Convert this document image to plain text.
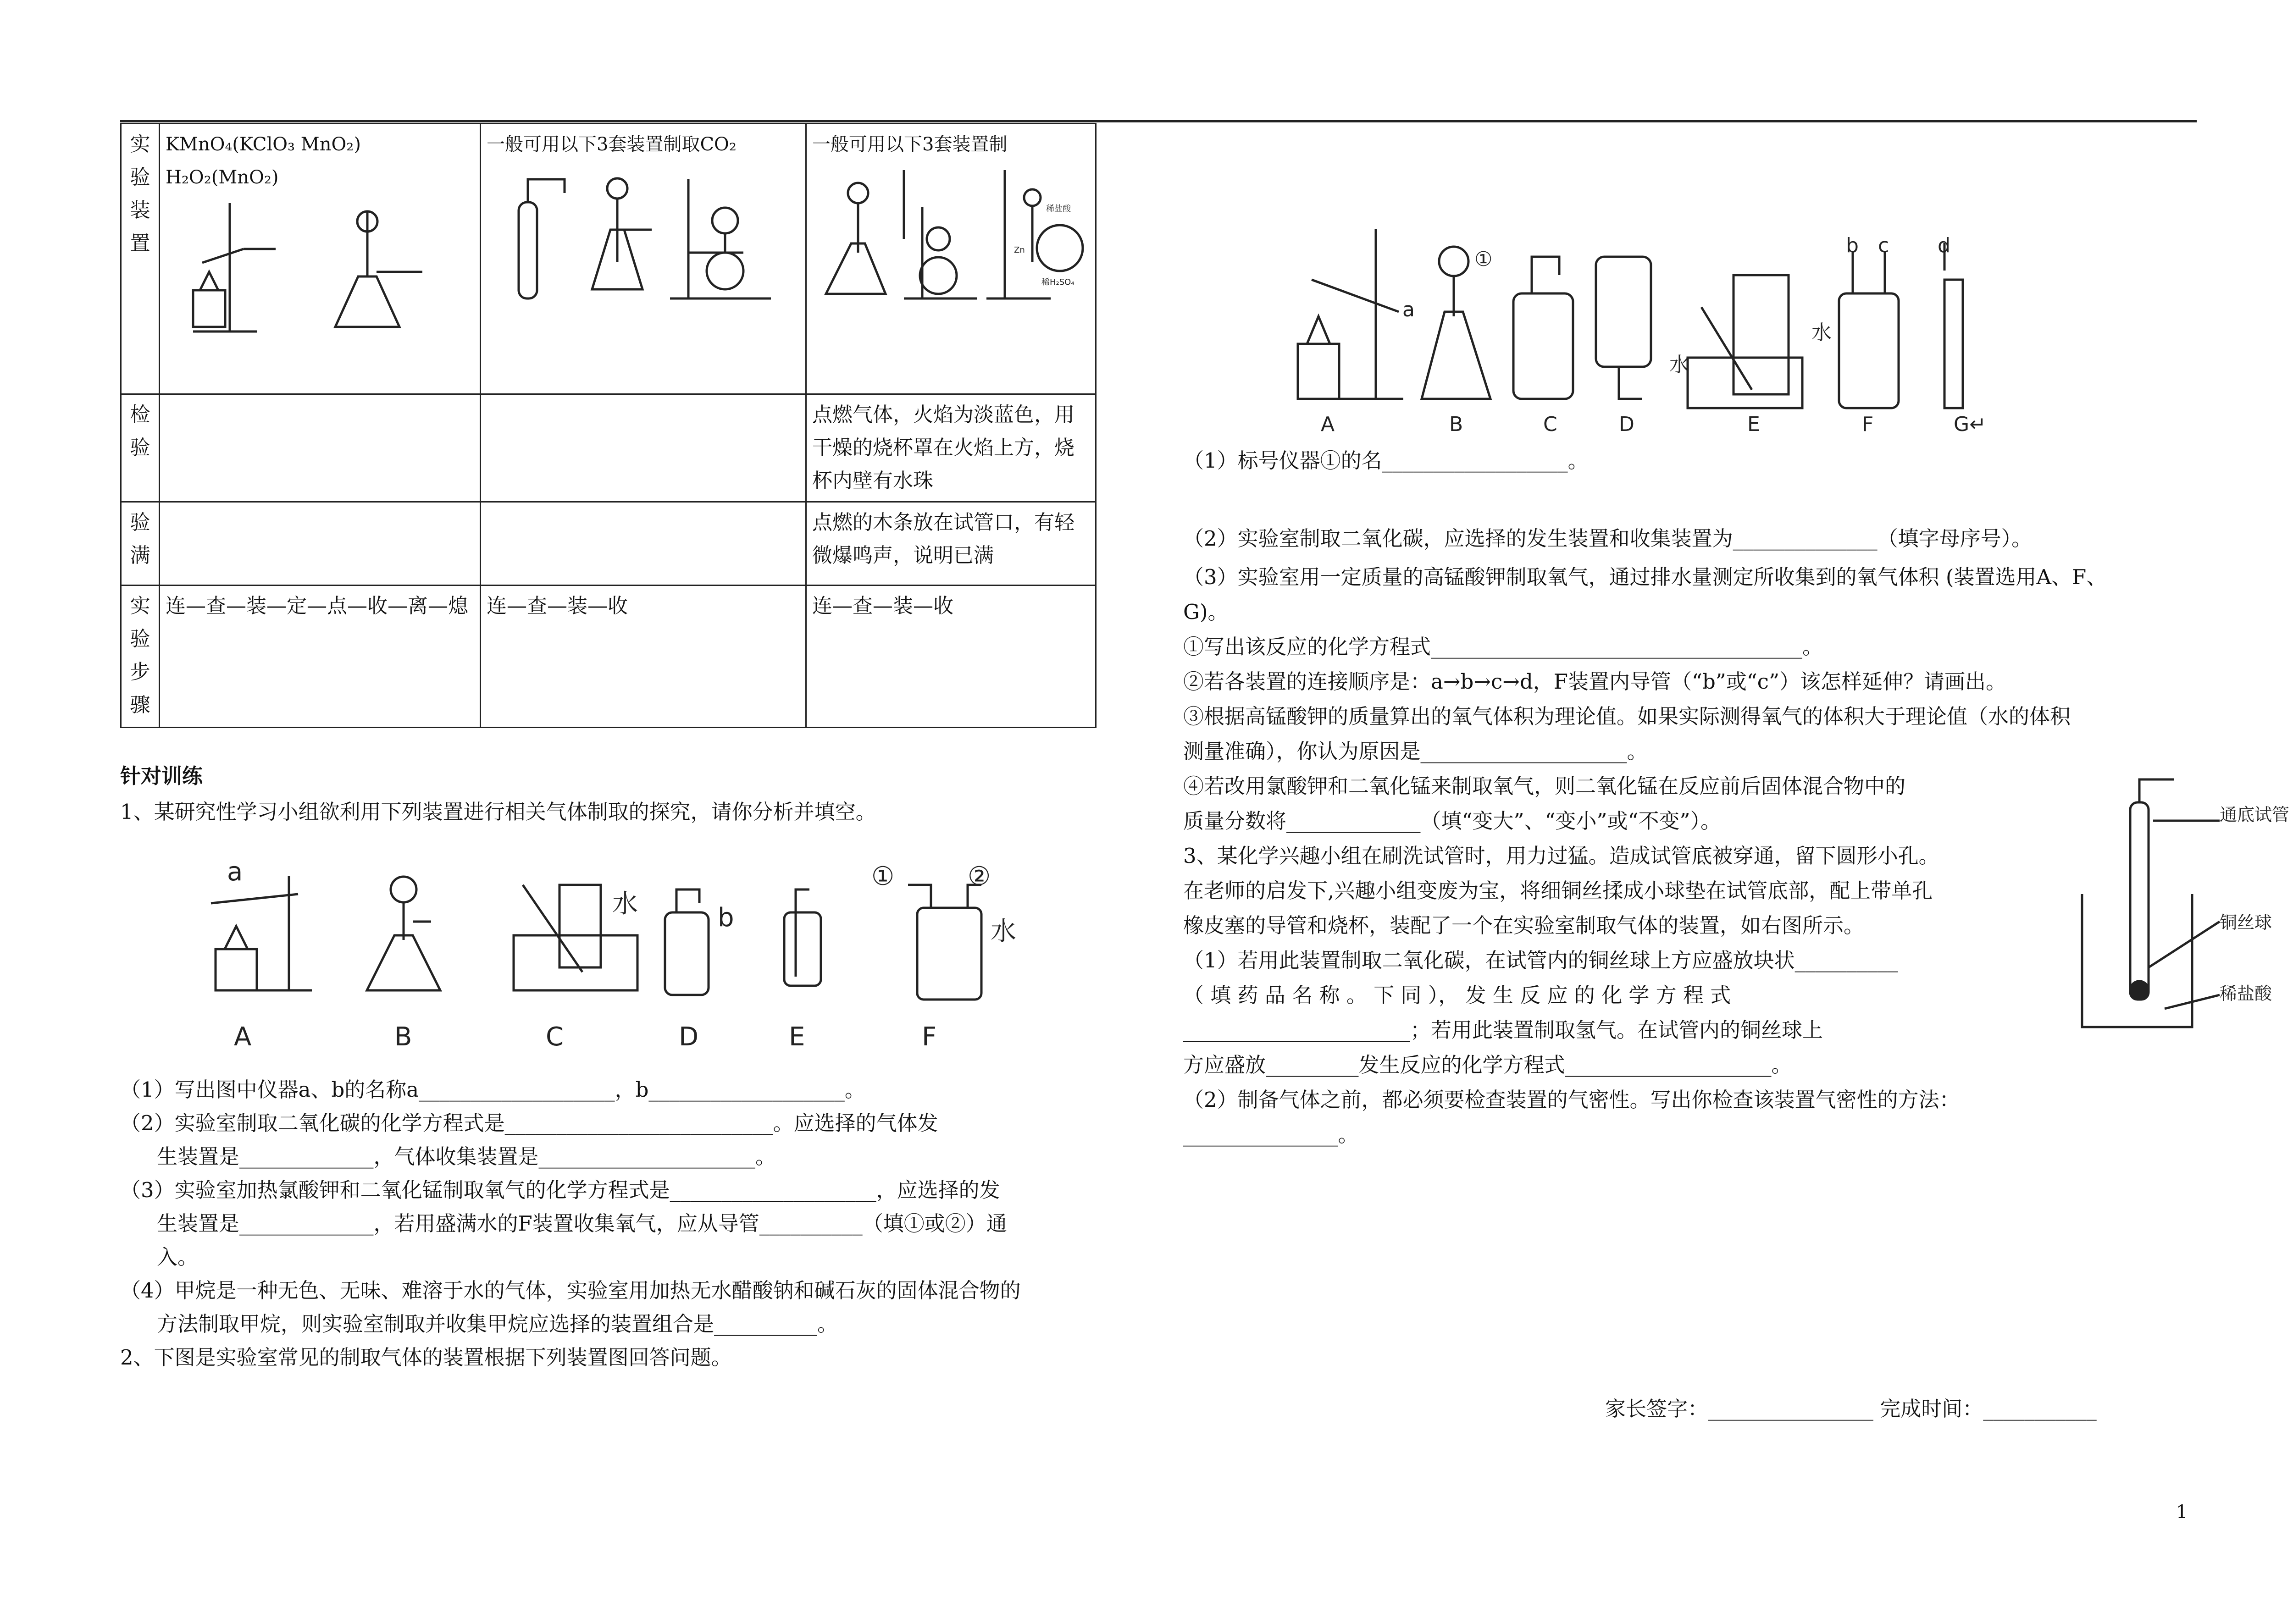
实验装置	KMnO₄(KClO₃ MnO₂) H₂O₂(MnO₂)	一般可用以下3套装置制取CO₂	一般可用以下3套装置制
稀盐酸
Zn
稀H₂SO₄

检验			点燃气体，火焰为淡蓝色，用干燥的烧杯罩在火焰上方，烧杯内壁有水珠
验满			点燃的木条放在试管口，有轻微爆鸣声，说明已满
实验步骤	连—查—装—定—点—收—离—熄	连—查—装—收	连—查—装—收
针对训练
1、某研究性学习小组欲利用下列装置进行相关气体制取的探究，请你分析并填空。
A	B	C	D	E	F
a
b
水
水
①	②
（1）写出图中仪器a、b的名称a___________________，b___________________。
（2）实验室制取二氧化碳的化学方程式是__________________________。应选择的气体发
生装置是_____________，气体收集装置是_____________________。
（3）实验室加热氯酸钾和二氧化锰制取氧气的化学方程式是____________________，应选择的发
生装置是_____________，若用盛满水的F装置收集氧气，应从导管__________（填①或②）通
入。
（4）甲烷是一种无色、无味、难溶于水的气体，实验室用加热无水醋酸钠和碱石灰的固体混合物的
方法制取甲烷，则实验室制取并收集甲烷应选择的装置组合是__________。
2、下图是实验室常见的制取气体的装置根据下列装置图回答问题。
A	B	C	D	E	F	G↵
a
①
b c d
水
水
（1）标号仪器①的名__________________。
（2）实验室制取二氧化碳，应选择的发生装置和收集装置为______________（填字母序号）。
（3）实验室用一定质量的高锰酸钾制取氧气，通过排水量测定所收集到的氧气体积 (装置选用A、F、
G)。
①写出该反应的化学方程式____________________________________。
②若各装置的连接顺序是：a→b→c→d，F装置内导管（“b”或“c”）该怎样延伸？请画出。
③根据高锰酸钾的质量算出的氧气体积为理论值。如果实际测得氧气的体积大于理论值（水的体积
测量准确），你认为原因是____________________。
④若改用氯酸钾和二氧化锰来制取氧气，则二氧化锰在反应前后固体混合物中的
质量分数将_____________（填“变大”、“变小”或“不变”）。
3、某化学兴趣小组在刷洗试管时，用力过猛。造成试管底被穿通，留下圆形小孔。
在老师的启发下,兴趣小组变废为宝，将细铜丝揉成小球垫在试管底部，配上带单孔
橡皮塞的导管和烧杯，装配了一个在实验室制取气体的装置，如右图所示。
（1）若用此装置制取二氧化碳，在试管内的铜丝球上方应盛放块状__________
（ 填 药 品 名 称 。 下 同 ）， 发 生 反 应 的 化 学 方 程 式
______________________；若用此装置制取氢气。在试管内的铜丝球上
方应盛放_________发生反应的化学方程式____________________。
（2）制备气体之前，都必须要检查装置的气密性。写出你检查该装置气密性的方法：
_______________。
通底试管
铜丝球
稀盐酸
家长签字：________________ 完成时间：___________
1
